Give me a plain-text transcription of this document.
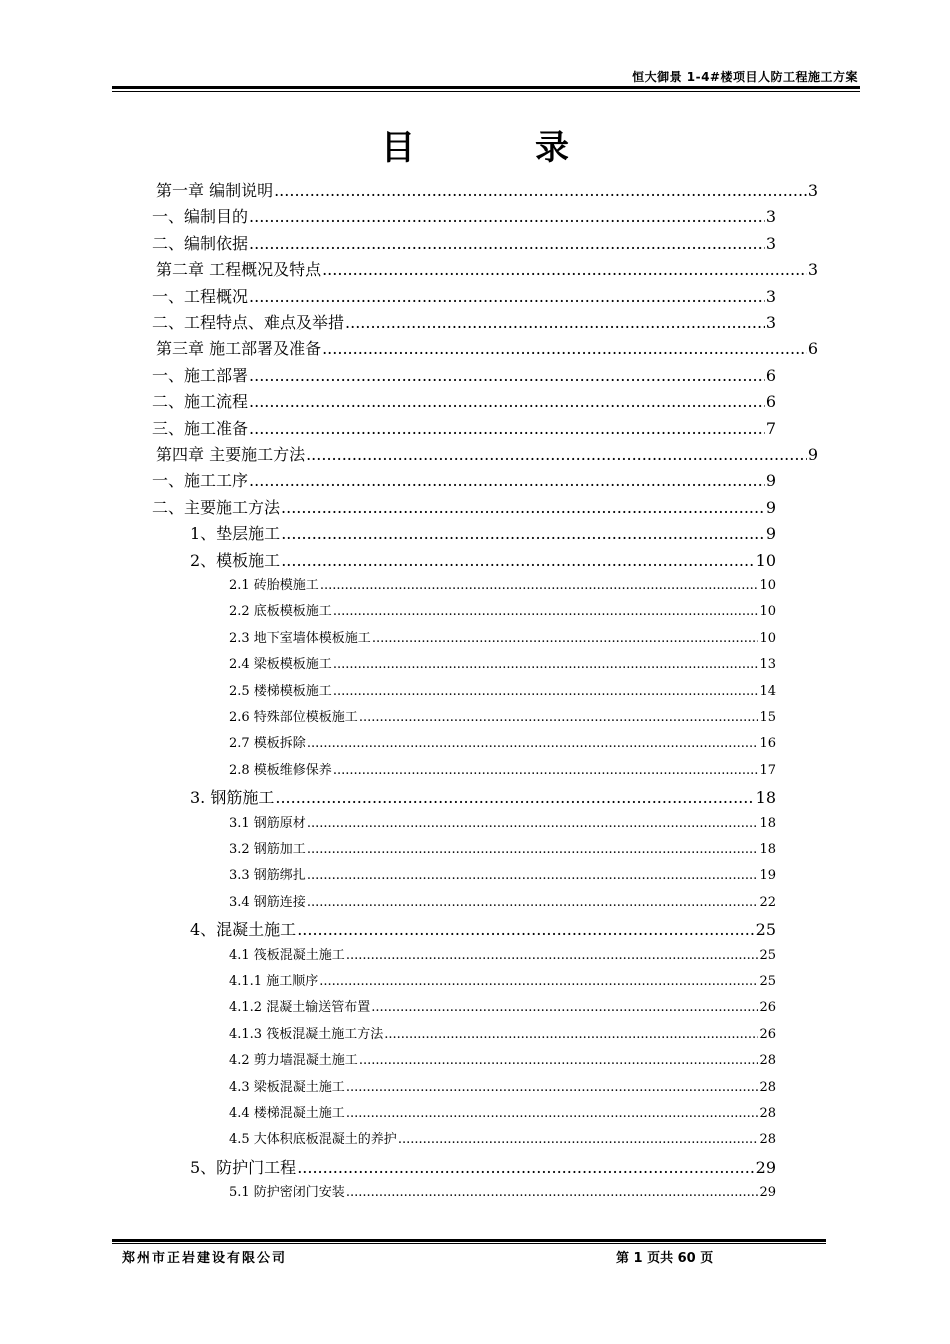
恒大御景 1-4#楼项目人防工程施工方案
目	录
第一章 编制说明 .....	3
一、编制目的 .....	3
二、编制依据 .....	3
第二章 工程概况及特点 .....	3
一、工程概况 .....	3
二、工程特点、难点及举措 .....	3
第三章 施工部署及准备 .....	6
一、施工部署 .....	6
二、施工流程 .....	6
三、施工准备 .....	7
第四章 主要施工方法 .....	9
一、施工工序 .....	9
二、主要施工方法 .....	9
1、垫层施工 .....	9
2、模板施工 .....	10
2.1 砖胎模施工 .....	10
2.2 底板模板施工 .....	10
2.3 地下室墙体模板施工 .....	10
2.4 梁板模板施工 .....	13
2.5 楼梯模板施工 .....	14
2.6 特殊部位模板施工 .....	15
2.7 模板拆除 .....	16
2.8 模板维修保养 .....	17
3. 钢筋施工 .....	18
3.1 钢筋原材 .....	18
3.2 钢筋加工 .....	18
3.3 钢筋绑扎 .....	19
3.4 钢筋连接 .....	22
4、混凝土施工 .....	25
4.1 筏板混凝土施工 .....	25
4.1.1 施工顺序 .....	25
4.1.2 混凝土输送管布置 .....	26
4.1.3 筏板混凝土施工方法 .....	26
4.2 剪力墙混凝土施工 .....	28
4.3 梁板混凝土施工 .....	28
4.4 楼梯混凝土施工 .....	28
4.5 大体积底板混凝土的养护 .....	28
5、防护门工程 .....	29
5.1 防护密闭门安装 .....	29
郑州市正岩建设有限公司	第 1 页共 60 页
